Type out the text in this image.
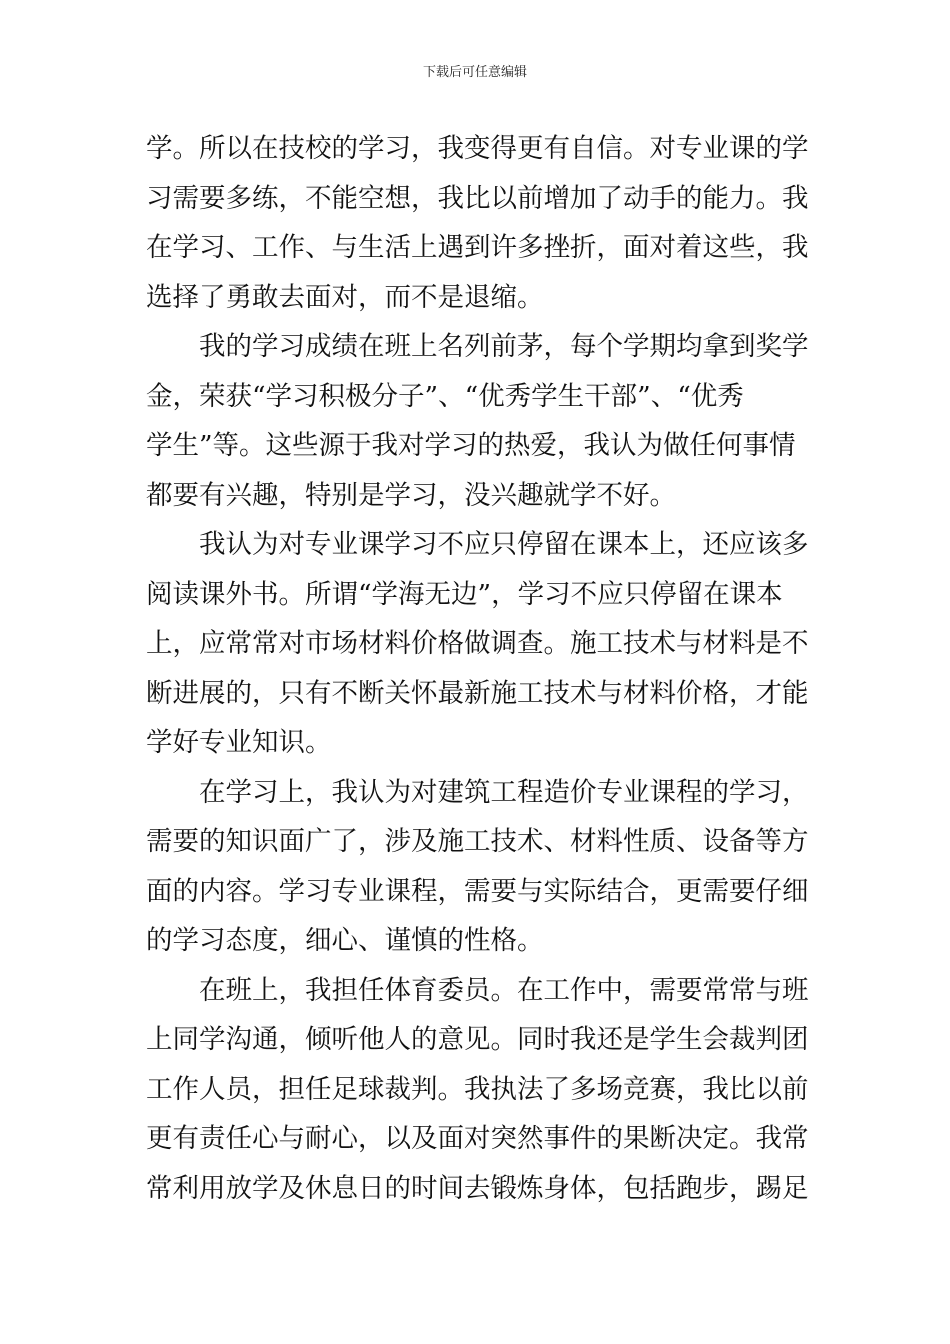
下载后可任意编辑
学。所以在技校的学习，我变得更有自信。对专业课的学
习需要多练，不能空想，我比以前增加了动手的能力。我
在学习、工作、与生活上遇到许多挫折，面对着这些，我
选择了勇敢去面对，而不是退缩。
我的学习成绩在班上名列前茅，每个学期均拿到奖学
金，荣获“学习积极分子”、“优秀学生干部”、“优秀
学生”等。这些源于我对学习的热爱，我认为做任何事情
都要有兴趣，特别是学习，没兴趣就学不好。
我认为对专业课学习不应只停留在课本上，还应该多
阅读课外书。所谓“学海无边”，学习不应只停留在课本
上，应常常对市场材料价格做调查。施工技术与材料是不
断进展的，只有不断关怀最新施工技术与材料价格，才能
学好专业知识。
在学习上，我认为对建筑工程造价专业课程的学习，
需要的知识面广了，涉及施工技术、材料性质、设备等方
面的内容。学习专业课程，需要与实际结合，更需要仔细
的学习态度，细心、谨慎的性格。
在班上，我担任体育委员。在工作中，需要常常与班
上同学沟通，倾听他人的意见。同时我还是学生会裁判团
工作人员，担任足球裁判。我执法了多场竞赛，我比以前
更有责任心与耐心，以及面对突然事件的果断决定。我常
常利用放学及休息日的时间去锻炼身体，包括跑步，踢足
